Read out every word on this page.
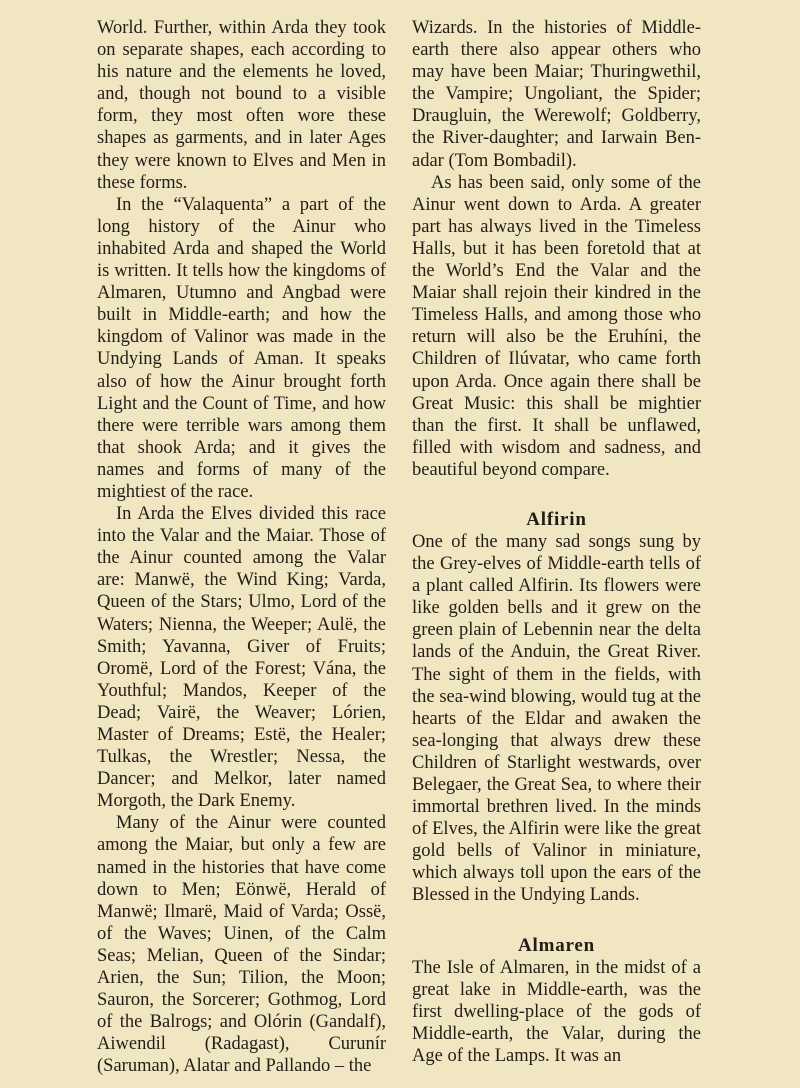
World. Further, within Arda they took on separate shapes, each according to his nature and the elements he loved, and, though not bound to a visible form, they most often wore these shapes as garments, and in later Ages they were known to Elves and Men in these forms.

In the “Valaquenta” a part of the long history of the Ainur who inhabited Arda and shaped the World is written. It tells how the kingdoms of Almaren, Utumno and Angbad were built in Middle-earth; and how the kingdom of Valinor was made in the Undying Lands of Aman. It speaks also of how the Ainur brought forth Light and the Count of Time, and how there were terrible wars among them that shook Arda; and it gives the names and forms of many of the mightiest of the race.

In Arda the Elves divided this race into the Valar and the Maiar. Those of the Ainur counted among the Valar are: Manwë, the Wind King; Varda, Queen of the Stars; Ulmo, Lord of the Waters; Nienna, the Weeper; Aulë, the Smith; Yavanna, Giver of Fruits; Oromë, Lord of the Forest; Vána, the Youthful; Mandos, Keeper of the Dead; Vairë, the Weaver; Lórien, Master of Dreams; Estë, the Healer; Tulkas, the Wrestler; Nessa, the Dancer; and Melkor, later named Morgoth, the Dark Enemy.

Many of the Ainur were counted among the Maiar, but only a few are named in the histories that have come down to Men; Eönwë, Herald of Manwë; Ilmarë, Maid of Varda; Ossë, of the Waves; Uinen, of the Calm Seas; Melian, Queen of the Sindar; Arien, the Sun; Tilion, the Moon; Sauron, the Sorcerer; Gothmog, Lord of the Balrogs; and Olórin (Gandalf), Aiwendil (Radagast), Curunír (Saruman), Alatar and Pallando – the

Wizards. In the histories of Middle-earth there also appear others who may have been Maiar; Thuringwethil, the Vampire; Ungoliant, the Spider; Draugluin, the Werewolf; Goldberry, the River-daughter; and Iarwain Ben-adar (Tom Bombadil).

As has been said, only some of the Ainur went down to Arda. A greater part has always lived in the Timeless Halls, but it has been foretold that at the World’s End the Valar and the Maiar shall rejoin their kindred in the Timeless Halls, and among those who return will also be the Eruhíni, the Children of Ilúvatar, who came forth upon Arda. Once again there shall be Great Music: this shall be mightier than the first. It shall be unflawed, filled with wisdom and sadness, and beautiful beyond compare.

Alfirin

One of the many sad songs sung by the Grey-elves of Middle-earth tells of a plant called Alfirin. Its flowers were like golden bells and it grew on the green plain of Lebennin near the delta lands of the Anduin, the Great River. The sight of them in the fields, with the sea-wind blowing, would tug at the hearts of the Eldar and awaken the sea-longing that always drew these Children of Starlight westwards, over Belegaer, the Great Sea, to where their immortal brethren lived. In the minds of Elves, the Alfirin were like the great gold bells of Valinor in miniature, which always toll upon the ears of the Blessed in the Undying Lands.

Almaren

The Isle of Almaren, in the midst of a great lake in Middle-earth, was the first dwelling-place of the gods of Middle-earth, the Valar, during the Age of the Lamps. It was an
